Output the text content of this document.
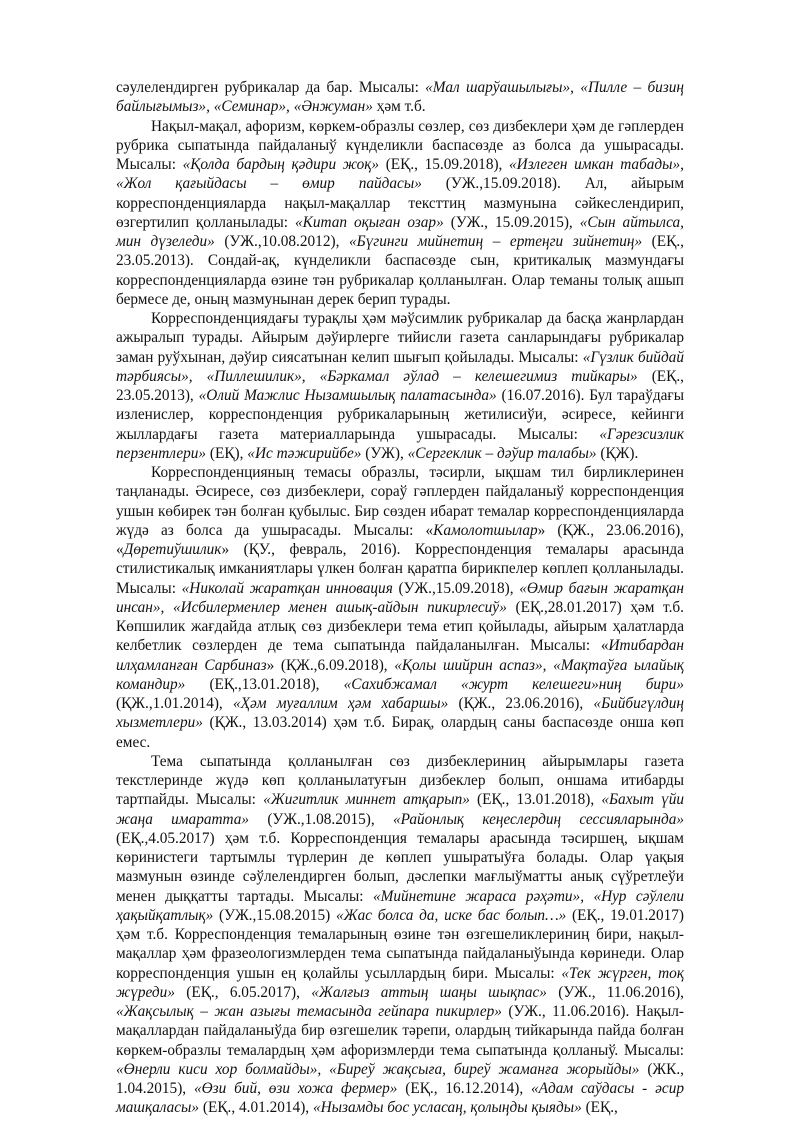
сәулелендирген рубрикалар да бар. Мысалы: «Мал шарўашылығы», «Пилле – бизиң байлығымыз», «Семинар», «Әнжуман» ҳәм т.б.

Нақыл-мақал, афоризм, көркем-образлы сөзлер, сөз дизбеклери ҳәм де гәплерден рубрика сыпатында пайдаланыў күнделикли баспасөзде аз болса да ушырасады. Мысалы: «Қолда бардың қәдири жоқ» (ЕҚ., 15.09.2018), «Излеген имкан табады», «Жол қағыйдасы – өмир пайдасы» (УЖ.,15.09.2018). Ал, айырым корреспонденцияларда нақыл-мақаллар тексттиң мазмунына сәйкеслендирип, өзгертилип қолланылады: «Китап оқыған озар» (УЖ., 15.09.2015), «Сын айтылса, мин дүзеледи» (УЖ.,10.08.2012), «Бүгинги мийнетиң – ертеңги зийнетиң» (ЕҚ., 23.05.2013). Сондай-ақ, күнделикли баспасөзде сын, критикалық мазмундағы корреспонденцияларда өзине тән рубрикалар қолланылған. Олар теманы толық ашып бермесе де, оның мазмунынан дерек берип турады.

Корреспонденциядағы турақлы ҳәм мәўсимлик рубрикалар да басқа жанрлардан ажыралып турады. Айырым дәўирлерге тийисли газета санларындағы рубрикалар заман руўхынан, дәўир сиясатынан келип шығып қойылады. Мысалы: «Гүзлик бийдай тәрбиясы», «Пиллешилик», «Бәркамал әўлад – келешегимиз тийкары» (ЕҚ., 23.05.2013), «Олий Мажлис Нызамшылық палатасында» (16.07.2016). Бул тараўдағы изленислер, корреспонденция рубрикаларының жетилисиўи, әсиресе, кейинги жыллардағы газета материалларында ушырасады. Мысалы: «Гәрезсизлик перзентлери» (ЕҚ), «Ис тәжирийбе» (УЖ), «Сергеклик – дәўир талабы» (ҚЖ).

Корреспонденцияның темасы образлы, тәсирли, ықшам тил бирликлеринен таңланады. Әсиресе, сөз дизбеклери, сораў гәплерден пайдаланыў корреспонденция ушын көбирек тән болған қубылыс. Бир сөзден ибарат темалар корреспонденцияларда жүдә аз болса да ушырасады. Мысалы: «Камолотшылар» (ҚЖ., 23.06.2016), «Дөретиўшилик» (ҚУ., февраль, 2016). Корреспонденция темалары арасында стилистикалық имканиятлары үлкен болған қаратпа бирикпелер көплеп қолланылады. Мысалы: «Николай жаратқан инновация (УЖ.,15.09.2018), «Өмир бағын жаратқан инсан», «Исбилерменлер менен ашық-айдын пикирлесиў» (ЕҚ.,28.01.2017) ҳәм т.б. Көпшилик жағдайда атлық сөз дизбеклери тема етип қойылады, айырым ҳалатларда келбетлик сөзлерден де тема сыпатында пайдаланылған. Мысалы: «Итибардан илҳамланған Сарбиназ» (ҚЖ.,6.09.2018), «Қолы шийрин аспаз», «Мақтаўға ылайық командир» (ЕҚ.,13.01.2018), «Сахибжамал «журт келешеги»ниң бири» (ҚЖ.,1.01.2014), «Ҳәм муғаллим ҳәм хабаршы» (ҚЖ., 23.06.2016), «Бийбигүлдиң хызметлери» (ҚЖ., 13.03.2014) ҳәм т.б. Бирақ, олардың саны баспасөзде онша көп емес.

Тема сыпатында қолланылған сөз дизбеклериниң айырымлары газета текстлеринде жүдә көп қолланылатуғын дизбеклер болып, оншама итибарды тартпайды. Мысалы: «Жигитлик миннет атқарып» (ЕҚ., 13.01.2018), «Бахыт үйи жаңа имаратта» (УЖ.,1.08.2015), «Районлық кеңеслердиң сессияларында» (ЕҚ.,4.05.2017) ҳәм т.б. Корреспонденция темалары арасында тәсиршең, ықшам көринистеги тартымлы түрлерин де көплеп ушыратыўға болады. Олар үақыя мазмунын өзинде сәўлелендирген болып, дәслепки мағлыўматты анық сүўретлеўи менен дыққатты тартады. Мысалы: «Мийнетине жараса рәҳәти», «Нур сәўлели ҳақыйқатлық» (УЖ.,15.08.2015) «Жас болса да, иске бас болып…» (ЕҚ., 19.01.2017) ҳәм т.б. Корреспонденция темаларының өзине тән өзгешеликлериниң бири, нақыл-мақаллар ҳәм фразеологизмлерден тема сыпатында пайдаланыўында көринеди. Олар корреспонденция ушын ең қолайлы усыллардың бири. Мысалы: «Тек жүрген, тоқ жүреди» (ЕҚ., 6.05.2017), «Жалғыз аттың шаңы шықпас» (УЖ., 11.06.2016), «Жақсылық – жан азығы темасында гейпара пикирлер» (УЖ., 11.06.2016). Нақыл-мақаллардан пайдаланыўда бир өзгешелик тәрепи, олардың тийкарында пайда болған көркем-образлы темалардың ҳәм афоризмлерди тема сыпатында қолланыў. Мысалы: «Өнерли киси хор болмайды», «Биреў жақсыға, биреў жаманға жорыйды» (ЖК., 1.04.2015), «Өзи бий, өзи хожа фермер» (ЕҚ., 16.12.2014), «Адам саўдасы - әсир машқаласы» (ЕҚ., 4.01.2014), «Нызамды бос усласаң, қолыңды қыяды» (ЕҚ.,
